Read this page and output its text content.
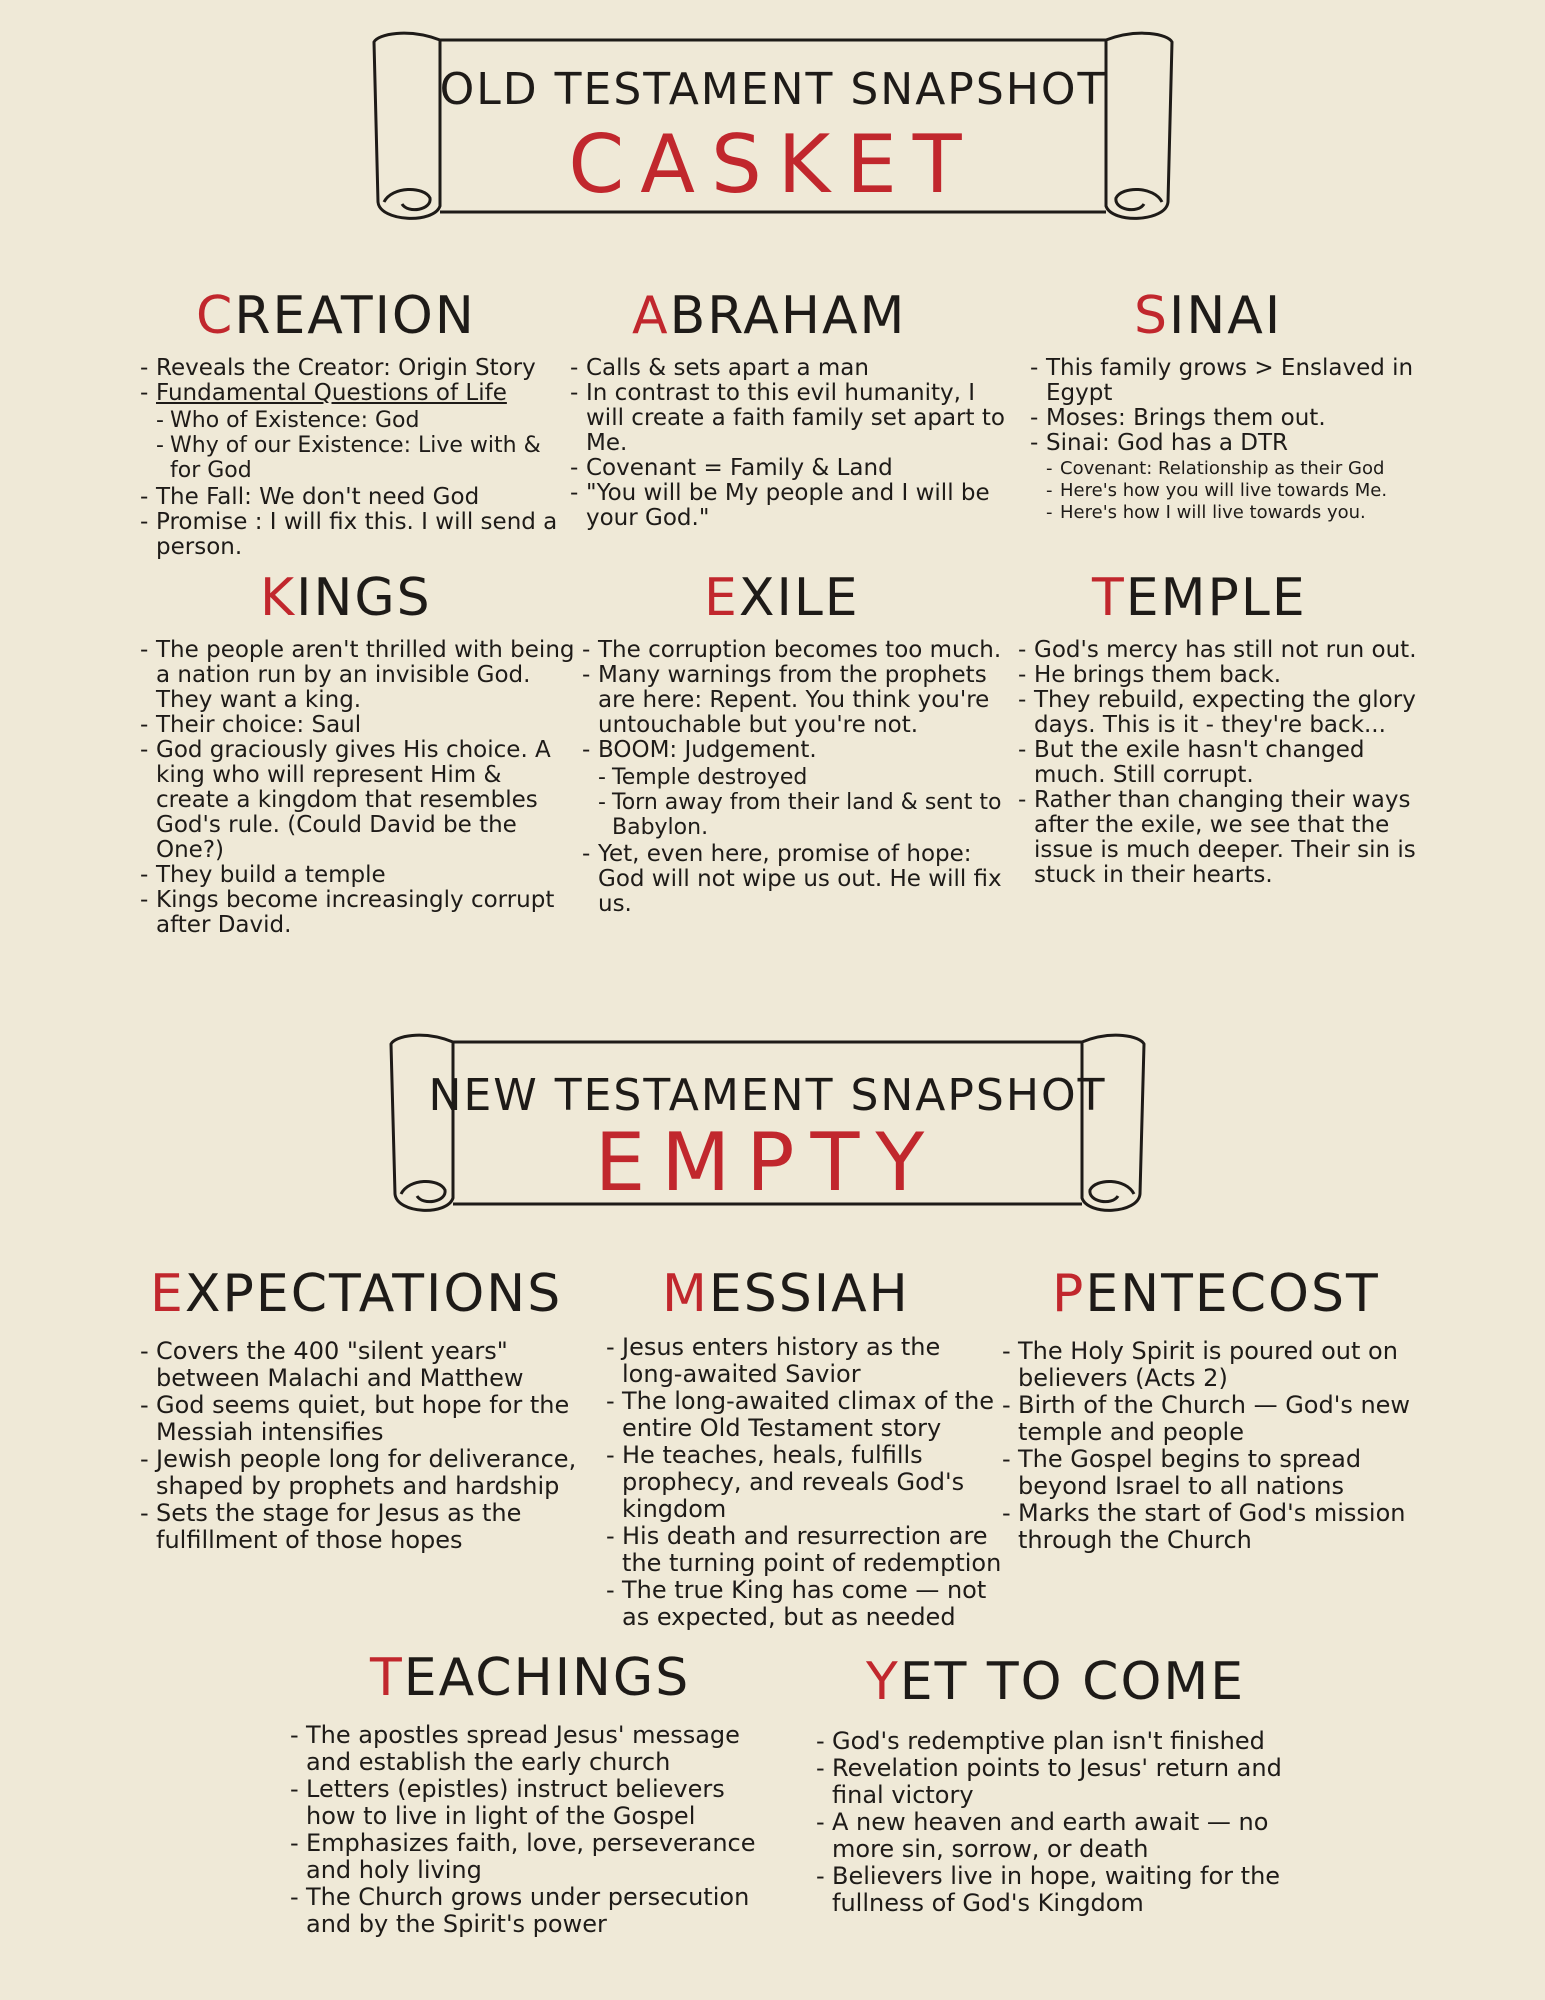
OLD TESTAMENT SNAPSHOT
CASKET
CREATION
- Reveals the Creator: Origin Story
- Fundamental Questions of Life
- Who of Existence: God
- Why of our Existence: Live with & for God
- The Fall: We don't need God
- Promise : I will fix this. I will send a person.
ABRAHAM
- Calls & sets apart a man
- In contrast to this evil humanity, I will create a faith family set apart to Me.
- Covenant = Family & Land
- "You will be My people and I will be your God."
SINAI
- This family grows > Enslaved in Egypt
- Moses: Brings them out.
- Sinai: God has a DTR
- Covenant: Relationship as their God
- Here's how you will live towards Me.
- Here's how I will live towards you.
KINGS
- The people aren't thrilled with being a nation run by an invisible God. They want a king.
- Their choice: Saul
- God graciously gives His choice. A king who will represent Him & create a kingdom that resembles God's rule. (Could David be the One?)
- They build a temple
- Kings become increasingly corrupt after David.
EXILE
- The corruption becomes too much.
- Many warnings from the prophets are here: Repent. You think you're untouchable but you're not.
- BOOM: Judgement.
- Temple destroyed
- Torn away from their land & sent to Babylon.
- Yet, even here, promise of hope: God will not wipe us out. He will fix us.
TEMPLE
- God's mercy has still not run out.
- He brings them back.
- They rebuild, expecting the glory days. This is it - they're back...
- But the exile hasn't changed much. Still corrupt.
- Rather than changing their ways after the exile, we see that the issue is much deeper. Their sin is stuck in their hearts.
NEW TESTAMENT SNAPSHOT
EMPTY
EXPECTATIONS
- Covers the 400 "silent years" between Malachi and Matthew
- God seems quiet, but hope for the Messiah intensifies
- Jewish people long for deliverance, shaped by prophets and hardship
- Sets the stage for Jesus as the fulfillment of those hopes
MESSIAH
- Jesus enters history as the long-awaited Savior
- The long-awaited climax of the entire Old Testament story
- He teaches, heals, fulfills prophecy, and reveals God's kingdom
- His death and resurrection are the turning point of redemption
- The true King has come — not as expected, but as needed
PENTECOST
- The Holy Spirit is poured out on believers (Acts 2)
- Birth of the Church — God's new temple and people
- The Gospel begins to spread beyond Israel to all nations
- Marks the start of God's mission through the Church
TEACHINGS
- The apostles spread Jesus' message and establish the early church
- Letters (epistles) instruct believers how to live in light of the Gospel
- Emphasizes faith, love, perseverance and holy living
- The Church grows under persecution and by the Spirit's power
YET TO COME
- God's redemptive plan isn't finished
- Revelation points to Jesus' return and final victory
- A new heaven and earth await — no more sin, sorrow, or death
- Believers live in hope, waiting for the fullness of God's Kingdom
